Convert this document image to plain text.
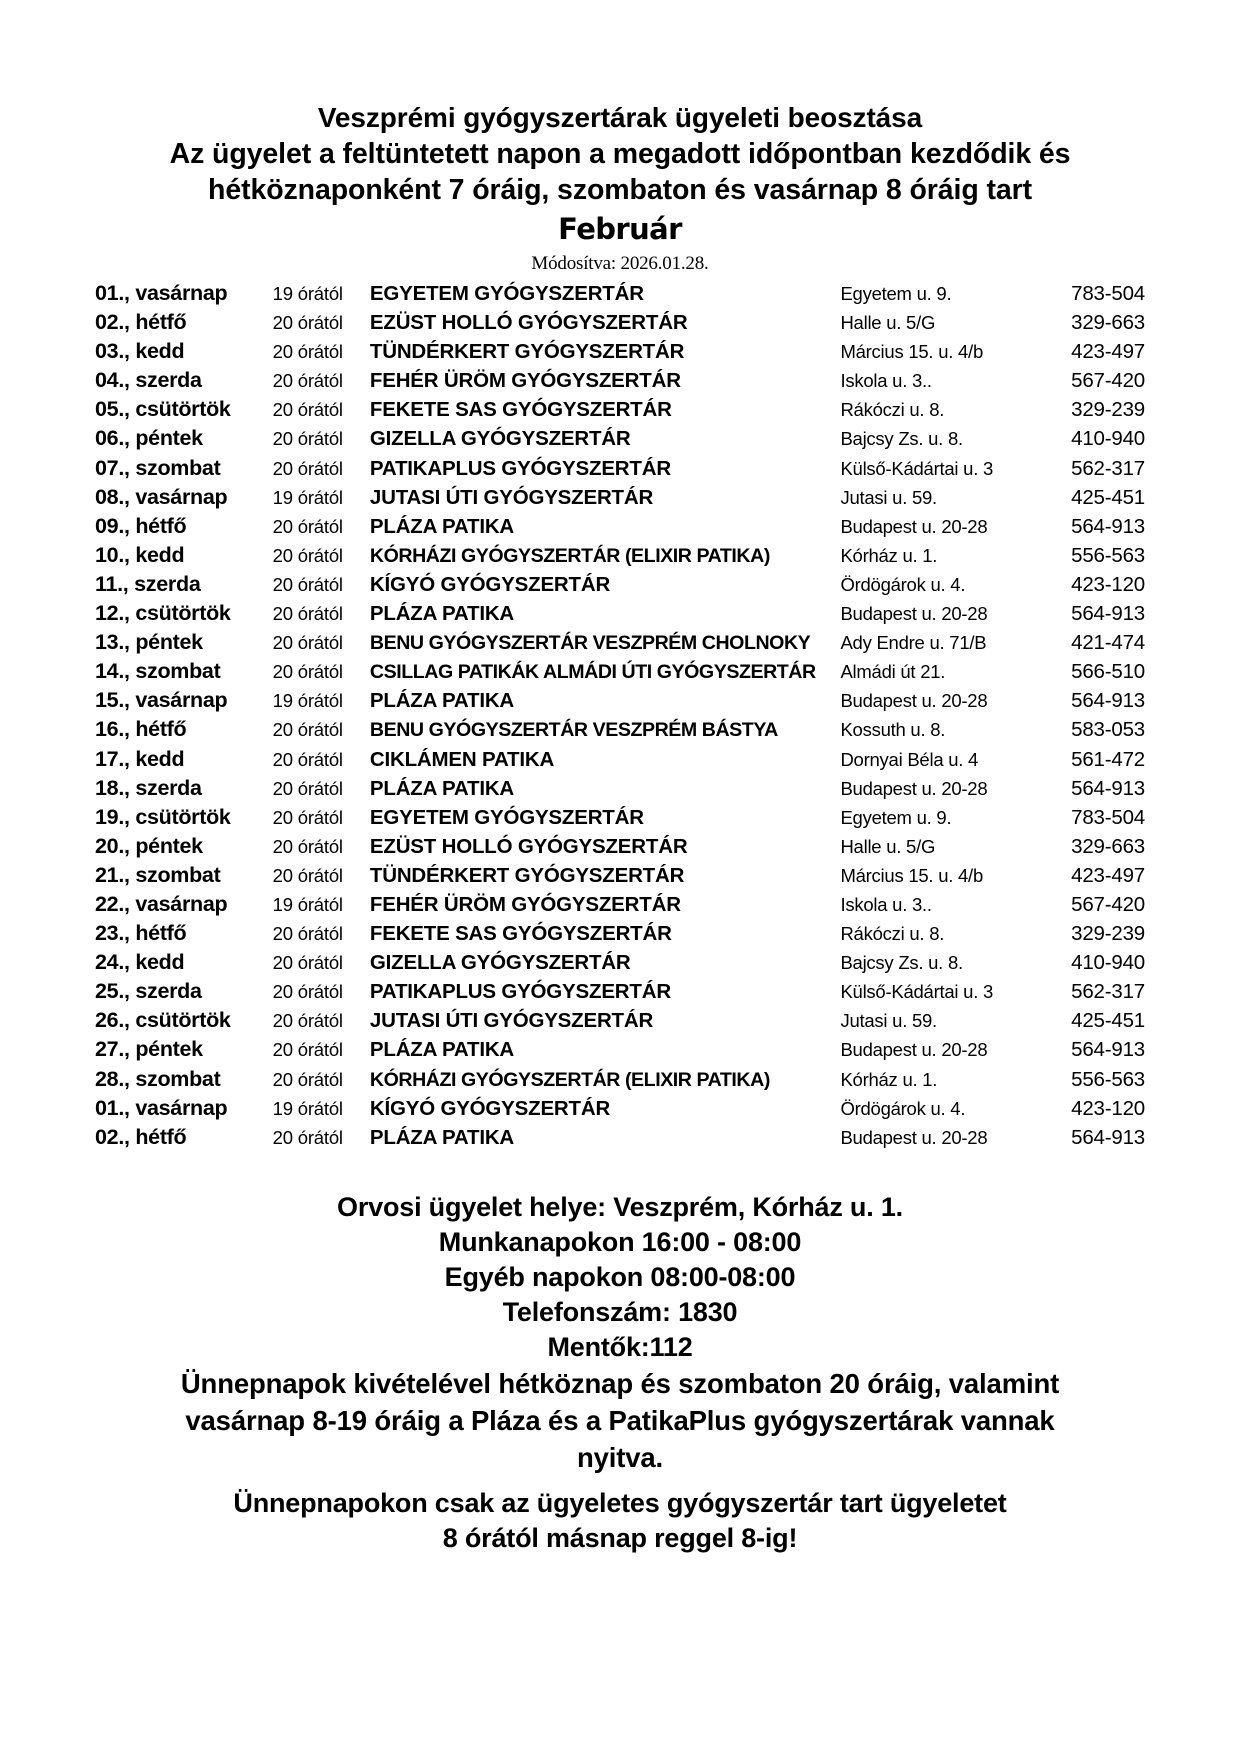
Veszprémi gyógyszertárak ügyeleti beosztása
Az ügyelet a feltüntetett napon a megadott időpontban kezdődik és
hétköznaponként 7 óráig, szombaton és vasárnap 8 óráig tart
Február
Módosítva: 2026.01.28.
01., vasárnap	19 órától	EGYETEM GYÓGYSZERTÁR	Egyetem u. 9.	783-504
02., hétfő	20 órától	EZÜST HOLLÓ GYÓGYSZERTÁR	Halle u. 5/G	329-663
03., kedd	20 órától	TÜNDÉRKERT GYÓGYSZERTÁR	Március 15. u. 4/b	423-497
04., szerda	20 órától	FEHÉR ÜRÖM GYÓGYSZERTÁR	Iskola u. 3..	567-420
05., csütörtök	20 órától	FEKETE SAS GYÓGYSZERTÁR	Rákóczi u. 8.	329-239
06., péntek	20 órától	GIZELLA GYÓGYSZERTÁR	Bajcsy Zs. u. 8.	410-940
07., szombat	20 órától	PATIKAPLUS GYÓGYSZERTÁR	Külső-Kádártai u. 3	562-317
08., vasárnap	19 órától	JUTASI ÚTI GYÓGYSZERTÁR	Jutasi u. 59.	425-451
09., hétfő	20 órától	PLÁZA PATIKA	Budapest u. 20-28	564-913
10., kedd	20 órától	KÓRHÁZI GYÓGYSZERTÁR (ELIXIR PATIKA)	Kórház u. 1.	556-563
11., szerda	20 órától	KÍGYÓ GYÓGYSZERTÁR	Ördögárok u. 4.	423-120
12., csütörtök	20 órától	PLÁZA PATIKA	Budapest u. 20-28	564-913
13., péntek	20 órától	BENU GYÓGYSZERTÁR VESZPRÉM CHOLNOKY	Ady Endre u. 71/B	421-474
14., szombat	20 órától	CSILLAG PATIKÁK ALMÁDI ÚTI GYÓGYSZERTÁR	Almádi út 21.	566-510
15., vasárnap	19 órától	PLÁZA PATIKA	Budapest u. 20-28	564-913
16., hétfő	20 órától	BENU GYÓGYSZERTÁR VESZPRÉM BÁSTYA	Kossuth u. 8.	583-053
17., kedd	20 órától	CIKLÁMEN PATIKA	Dornyai Béla u. 4	561-472
18., szerda	20 órától	PLÁZA PATIKA	Budapest u. 20-28	564-913
19., csütörtök	20 órától	EGYETEM GYÓGYSZERTÁR	Egyetem u. 9.	783-504
20., péntek	20 órától	EZÜST HOLLÓ GYÓGYSZERTÁR	Halle u. 5/G	329-663
21., szombat	20 órától	TÜNDÉRKERT GYÓGYSZERTÁR	Március 15. u. 4/b	423-497
22., vasárnap	19 órától	FEHÉR ÜRÖM GYÓGYSZERTÁR	Iskola u. 3..	567-420
23., hétfő	20 órától	FEKETE SAS GYÓGYSZERTÁR	Rákóczi u. 8.	329-239
24., kedd	20 órától	GIZELLA GYÓGYSZERTÁR	Bajcsy Zs. u. 8.	410-940
25., szerda	20 órától	PATIKAPLUS GYÓGYSZERTÁR	Külső-Kádártai u. 3	562-317
26., csütörtök	20 órától	JUTASI ÚTI GYÓGYSZERTÁR	Jutasi u. 59.	425-451
27., péntek	20 órától	PLÁZA PATIKA	Budapest u. 20-28	564-913
28., szombat	20 órától	KÓRHÁZI GYÓGYSZERTÁR (ELIXIR PATIKA)	Kórház u. 1.	556-563
01., vasárnap	19 órától	KÍGYÓ GYÓGYSZERTÁR	Ördögárok u. 4.	423-120
02., hétfő	20 órától	PLÁZA PATIKA	Budapest u. 20-28	564-913
Orvosi ügyelet helye: Veszprém, Kórház u. 1.
Munkanapokon 16:00 - 08:00
Egyéb napokon 08:00-08:00
Telefonszám: 1830
Mentők:112
Ünnepnapok kivételével hétköznap és szombaton 20 óráig, valamint
vasárnap 8-19 óráig a Pláza és a PatikaPlus gyógyszertárak vannak
nyitva.
Ünnepnapokon csak az ügyeletes gyógyszertár tart ügyeletet
8 órától másnap reggel 8-ig!
